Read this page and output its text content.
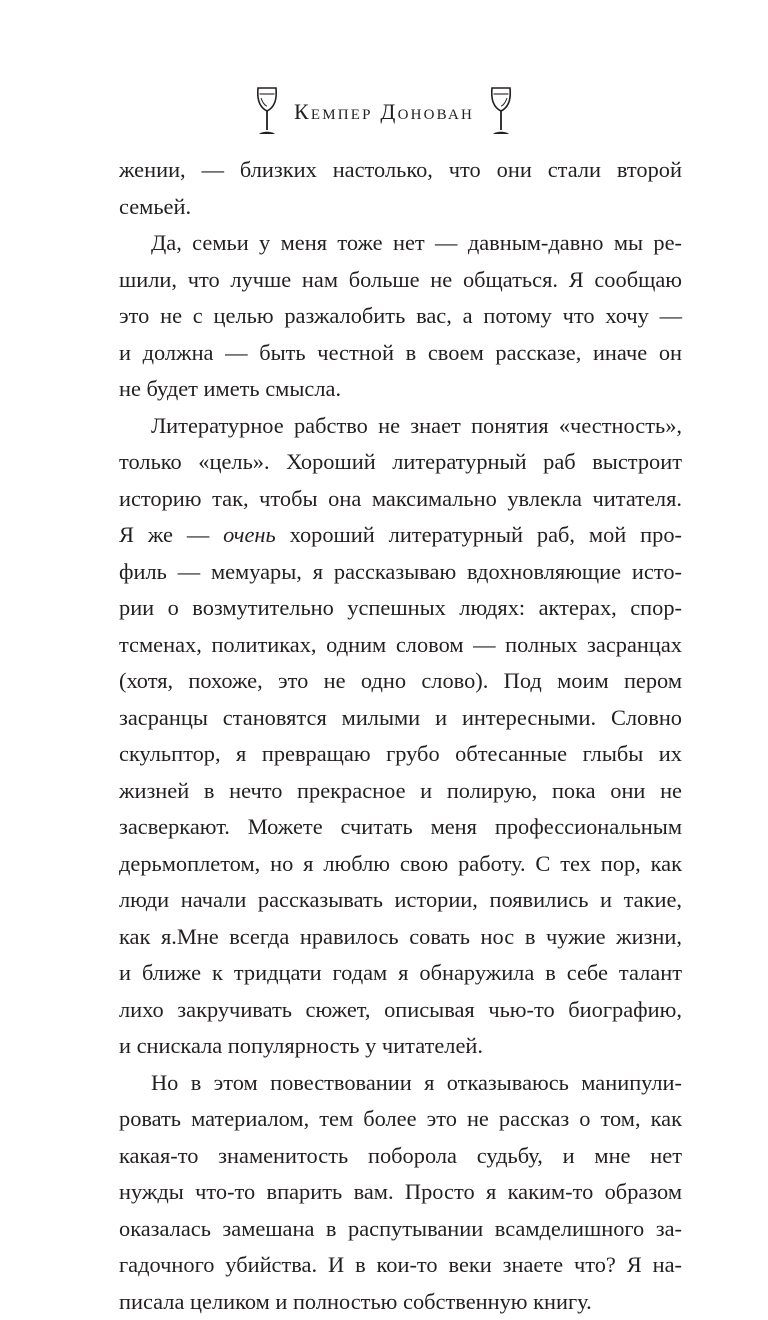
Кемпер Донован
жении, — близких настолько, что они стали второй
семьей.
Да, семьи у меня тоже нет — давным-давно мы ре-
шили, что лучше нам больше не общаться. Я сообщаю
это не с целью разжалобить вас, а потому что хочу —
и должна — быть честной в своем рассказе, иначе он
не будет иметь смысла.
Литературное рабство не знает понятия «честность»,
только «цель». Хороший литературный раб выстроит
историю так, чтобы она максимально увлекла читателя.
Я же — очень хороший литературный раб, мой про-
филь — мемуары, я рассказываю вдохновляющие исто-
рии о возмутительно успешных людях: актерах, спор-
тсменах, политиках, одним словом — полных засранцах
(хотя, похоже, это не одно слово). Под моим пером
засранцы становятся милыми и интересными. Словно
скульптор, я превращаю грубо обтесанные глыбы их
жизней в нечто прекрасное и полирую, пока они не
засверкают. Можете считать меня профессиональным
дерьмоплетом, но я люблю свою работу. С тех пор, как
люди начали рассказывать истории, появились и такие,
как я.Мне всегда нравилось совать нос в чужие жизни,
и ближе к тридцати годам я обнаружила в себе талант
лихо закручивать сюжет, описывая чью-то биографию,
и снискала популярность у читателей.
Но в этом повествовании я отказываюсь манипули-
ровать материалом, тем более это не рассказ о том, как
какая-то знаменитость поборола судьбу, и мне нет
нужды что-то впарить вам. Просто я каким-то образом
оказалась замешана в распутывании всамделишного за-
гадочного убийства. И в кои-то веки знаете что? Я на-
писала целиком и полностью собственную книгу.
